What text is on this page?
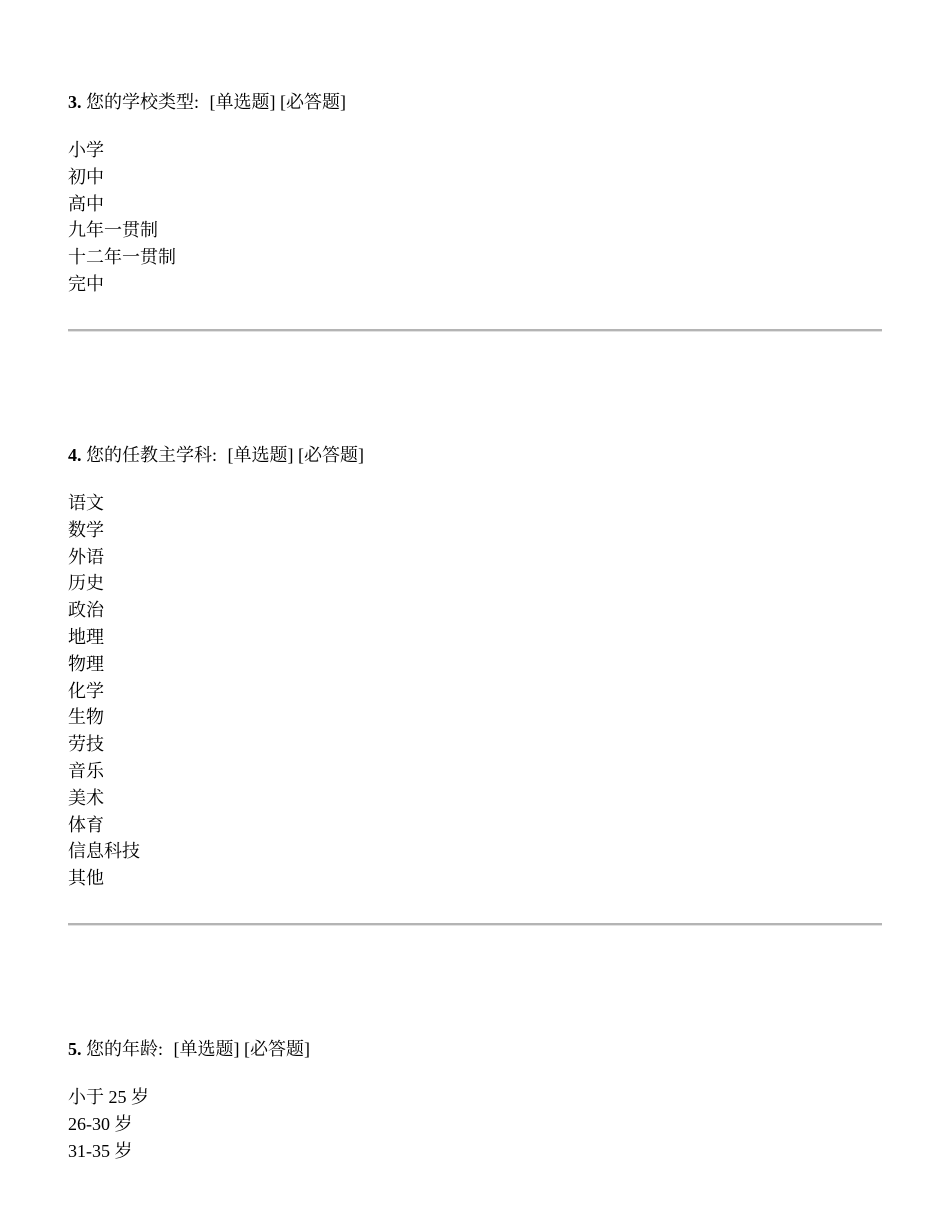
3. 您的学校类型: [单选题] [必答题]

小学
初中
高中
九年一贯制
十二年一贯制
完中

4. 您的任教主学科: [单选题] [必答题]

语文
数学
外语
历史
政治
地理
物理
化学
生物
劳技
音乐
美术
体育
信息科技
其他

5. 您的年龄: [单选题] [必答题]

小于 25 岁
26-30 岁
31-35 岁
